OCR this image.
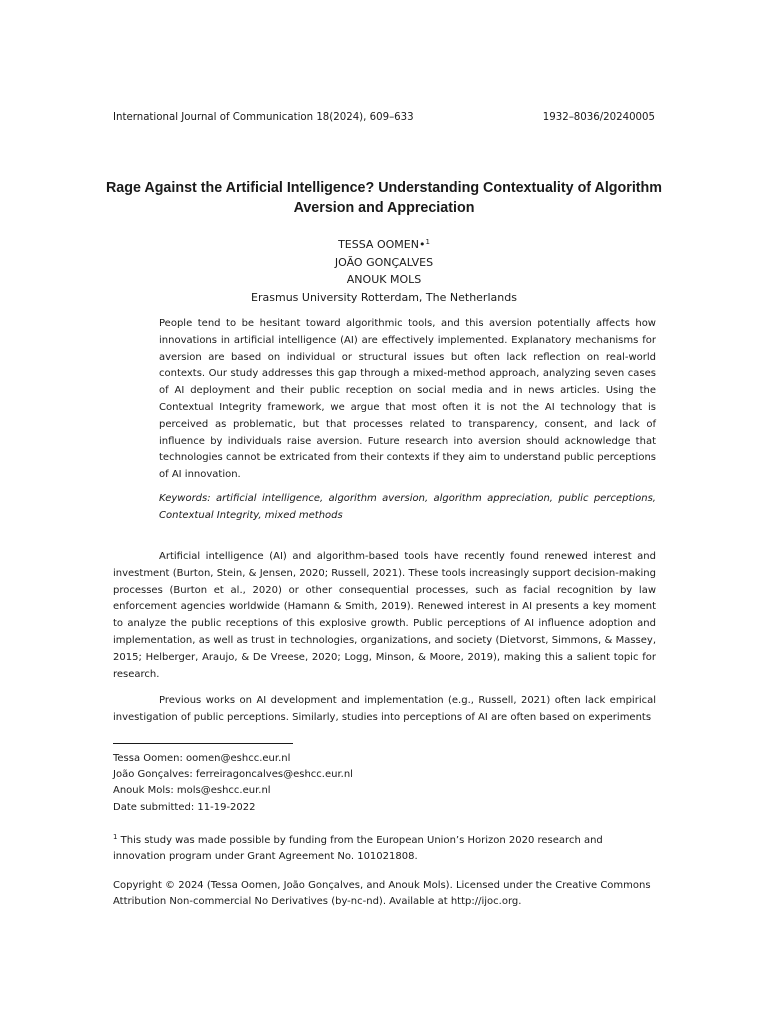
International Journal of Communication 18(2024), 609–633	1932–8036/20240005
Rage Against the Artificial Intelligence? Understanding Contextuality of Algorithm Aversion and Appreciation
TESSA OOMEN•$^1$
JOÃO GONÇALVES
ANOUK MOLS
Erasmus University Rotterdam, The Netherlands

People tend to be hesitant toward algorithmic tools, and this aversion potentially affects how innovations in artificial intelligence (AI) are effectively implemented. Explanatory mechanisms for aversion are based on individual or structural issues but often lack reflection on real-world contexts. Our study addresses this gap through a mixed-method approach, analyzing seven cases of AI deployment and their public reception on social media and in news articles. Using the Contextual Integrity framework, we argue that most often it is not the AI technology that is perceived as problematic, but that processes related to transparency, consent, and lack of influence by individuals raise aversion. Future research into aversion should acknowledge that technologies cannot be extricated from their contexts if they aim to understand public perceptions of AI innovation.

Keywords: artificial intelligence, algorithm aversion, algorithm appreciation, public perceptions, Contextual Integrity, mixed methods

Artificial intelligence (AI) and algorithm-based tools have recently found renewed interest and investment (Burton, Stein, & Jensen, 2020; Russell, 2021). These tools increasingly support decision-making processes (Burton et al., 2020) or other consequential processes, such as facial recognition by law enforcement agencies worldwide (Hamann & Smith, 2019). Renewed interest in AI presents a key moment to analyze the public receptions of this explosive growth. Public perceptions of AI influence adoption and implementation, as well as trust in technologies, organizations, and society (Dietvorst, Simmons, & Massey, 2015; Helberger, Araujo, & De Vreese, 2020; Logg, Minson, & Moore, 2019), making this a salient topic for research.

Previous works on AI development and implementation (e.g., Russell, 2021) often lack empirical investigation of public perceptions. Similarly, studies into perceptions of AI are often based on experiments

Tessa Oomen: oomen@eshcc.eur.nl
João Gonçalves: ferreiragoncalves@eshcc.eur.nl
Anouk Mols: mols@eshcc.eur.nl
Date submitted: 11-19-2022

$^1$ This study was made possible by funding from the European Union’s Horizon 2020 research and innovation program under Grant Agreement No. 101021808.

Copyright © 2024 (Tessa Oomen, João Gonçalves, and Anouk Mols). Licensed under the Creative Commons Attribution Non-commercial No Derivatives (by-nc-nd). Available at http://ijoc.org.
